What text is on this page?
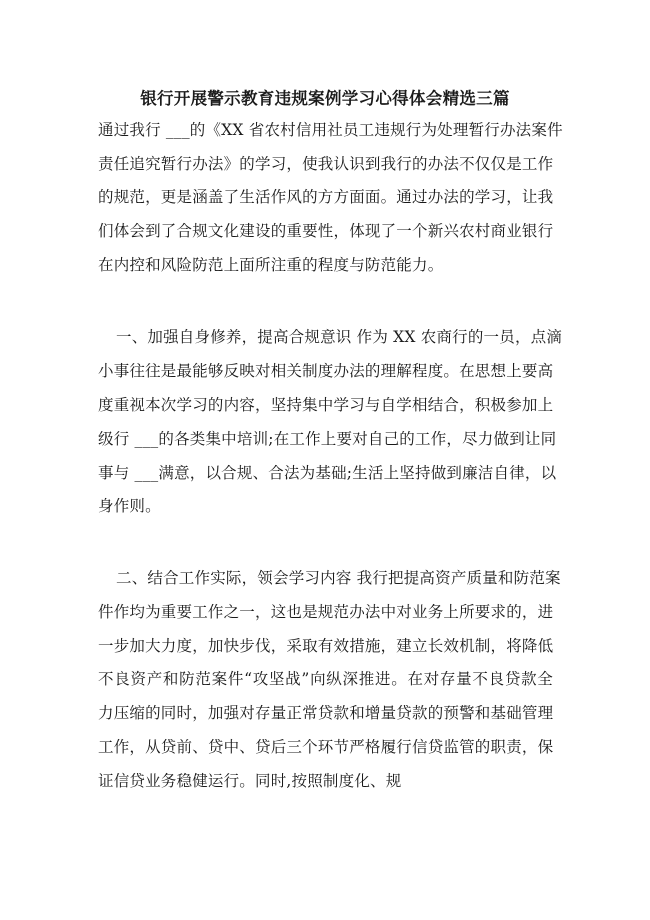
银行开展警示教育违规案例学习心得体会精选三篇
通过我行 ___的《XX 省农村信用社员工违规行为处理暂行办法案件
责任追究暂行办法》的学习，使我认识到我行的办法不仅仅是工作
的规范，更是涵盖了生活作风的方方面面。通过办法的学习，让我
们体会到了合规文化建设的重要性，体现了一个新兴农村商业银行
在内控和风险防范上面所注重的程度与防范能力。
一、加强自身修养，提高合规意识 作为 XX 农商行的一员，点滴
小事往往是最能够反映对相关制度办法的理解程度。在思想上要高
度重视本次学习的内容，坚持集中学习与自学相结合，积极参加上
级行 ___的各类集中培训;在工作上要对自己的工作，尽力做到让同
事与 ___满意，以合规、合法为基础;生活上坚持做到廉洁自律，以
身作则。
二、结合工作实际，领会学习内容 我行把提高资产质量和防范案
件作均为重要工作之一，这也是规范办法中对业务上所要求的，进
一步加大力度，加快步伐，采取有效措施，建立长效机制，将降低
不良资产和防范案件“攻坚战”向纵深推进。在对存量不良贷款全
力压缩的同时，加强对存量正常贷款和增量贷款的预警和基础管理
工作，从贷前、贷中、贷后三个环节严格履行信贷监管的职责，保
证信贷业务稳健运行。同时,按照制度化、规
